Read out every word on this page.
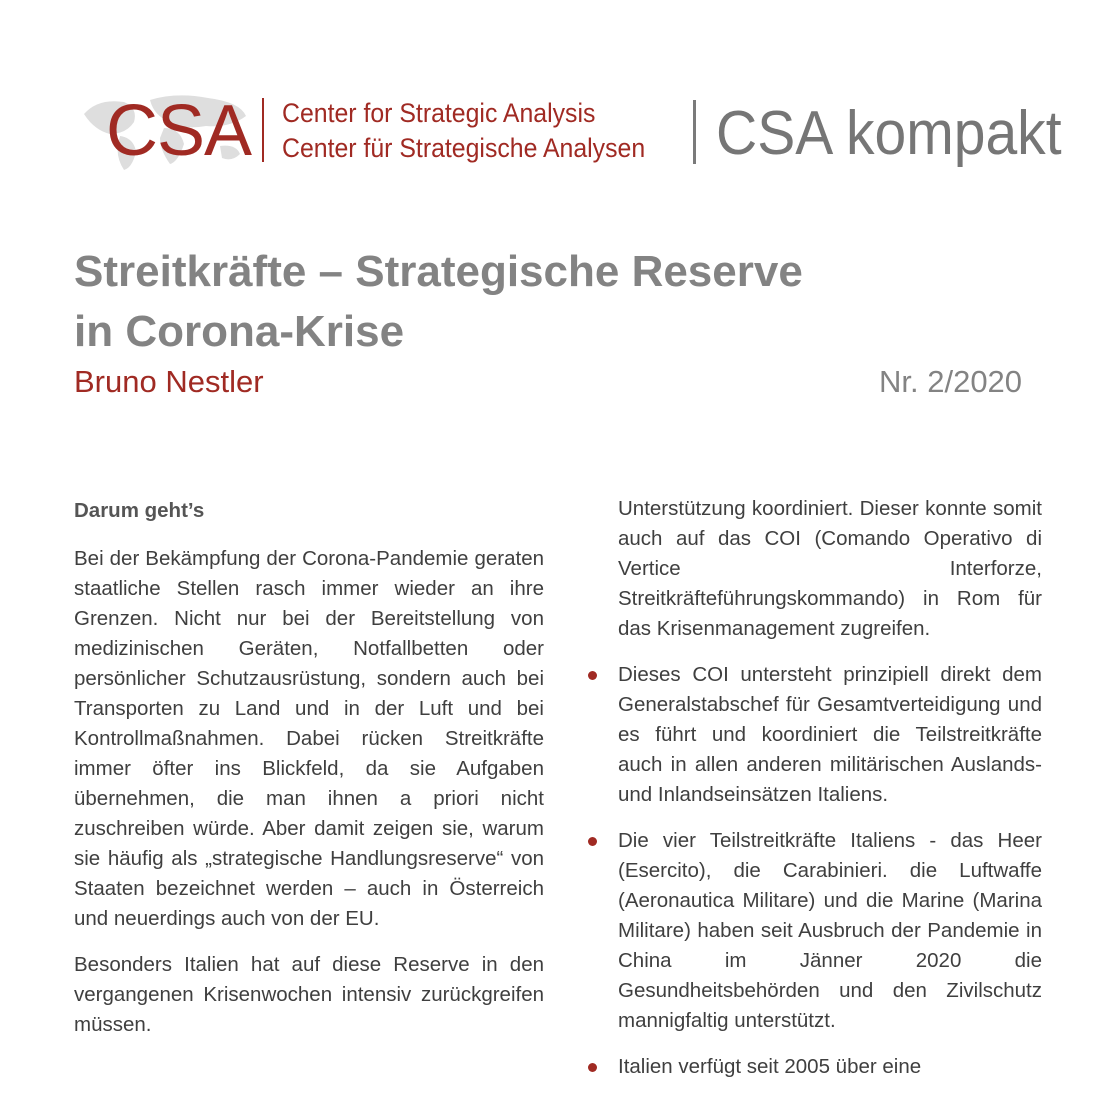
CSA Center for Strategic Analysis
Center für Strategische Analysen CSA kompakt
Streitkräfte – Strategische Reserve
in Corona-Krise
Bruno Nestler	Nr. 2/2020

Darum geht’s

Bei der Bekämpfung der Corona-Pandemie geraten staatliche Stellen rasch immer wieder an ihre Grenzen. Nicht nur bei der Bereitstellung von medizinischen Geräten, Notfallbetten oder persönlicher Schutzausrüstung, sondern auch bei Transporten zu Land und in der Luft und bei Kontrollmaßnahmen. Dabei rücken Streitkräfte immer öfter ins Blickfeld, da sie Aufgaben übernehmen, die man ihnen a priori nicht zuschreiben würde. Aber damit zeigen sie, warum sie häufig als „strategische Handlungsreserve“ von Staaten bezeichnet werden – auch in Österreich und neuerdings auch von der EU.

Besonders Italien hat auf diese Reserve in den vergangenen Krisenwochen intensiv zurückgreifen müssen.

Unterstützung koordiniert. Dieser konnte somit auch auf das COI (Comando Operativo di Vertice Interforze, Streitkräfteführungskommando) in Rom für das Krisenmanagement zugreifen.

Dieses COI untersteht prinzipiell direkt dem Generalstabschef für Gesamtverteidigung und es führt und koordiniert die Teilstreitkräfte auch in allen anderen militärischen Auslands- und Inlandseinsätzen Italiens.

Die vier Teilstreitkräfte Italiens - das Heer (Esercito), die Carabinieri. die Luftwaffe (Aeronautica Militare) und die Marine (Marina Militare) haben seit Ausbruch der Pandemie in China im Jänner 2020 die Gesundheitsbehörden und den Zivilschutz mannigfaltig unterstützt.

Italien verfügt seit 2005 über eine
